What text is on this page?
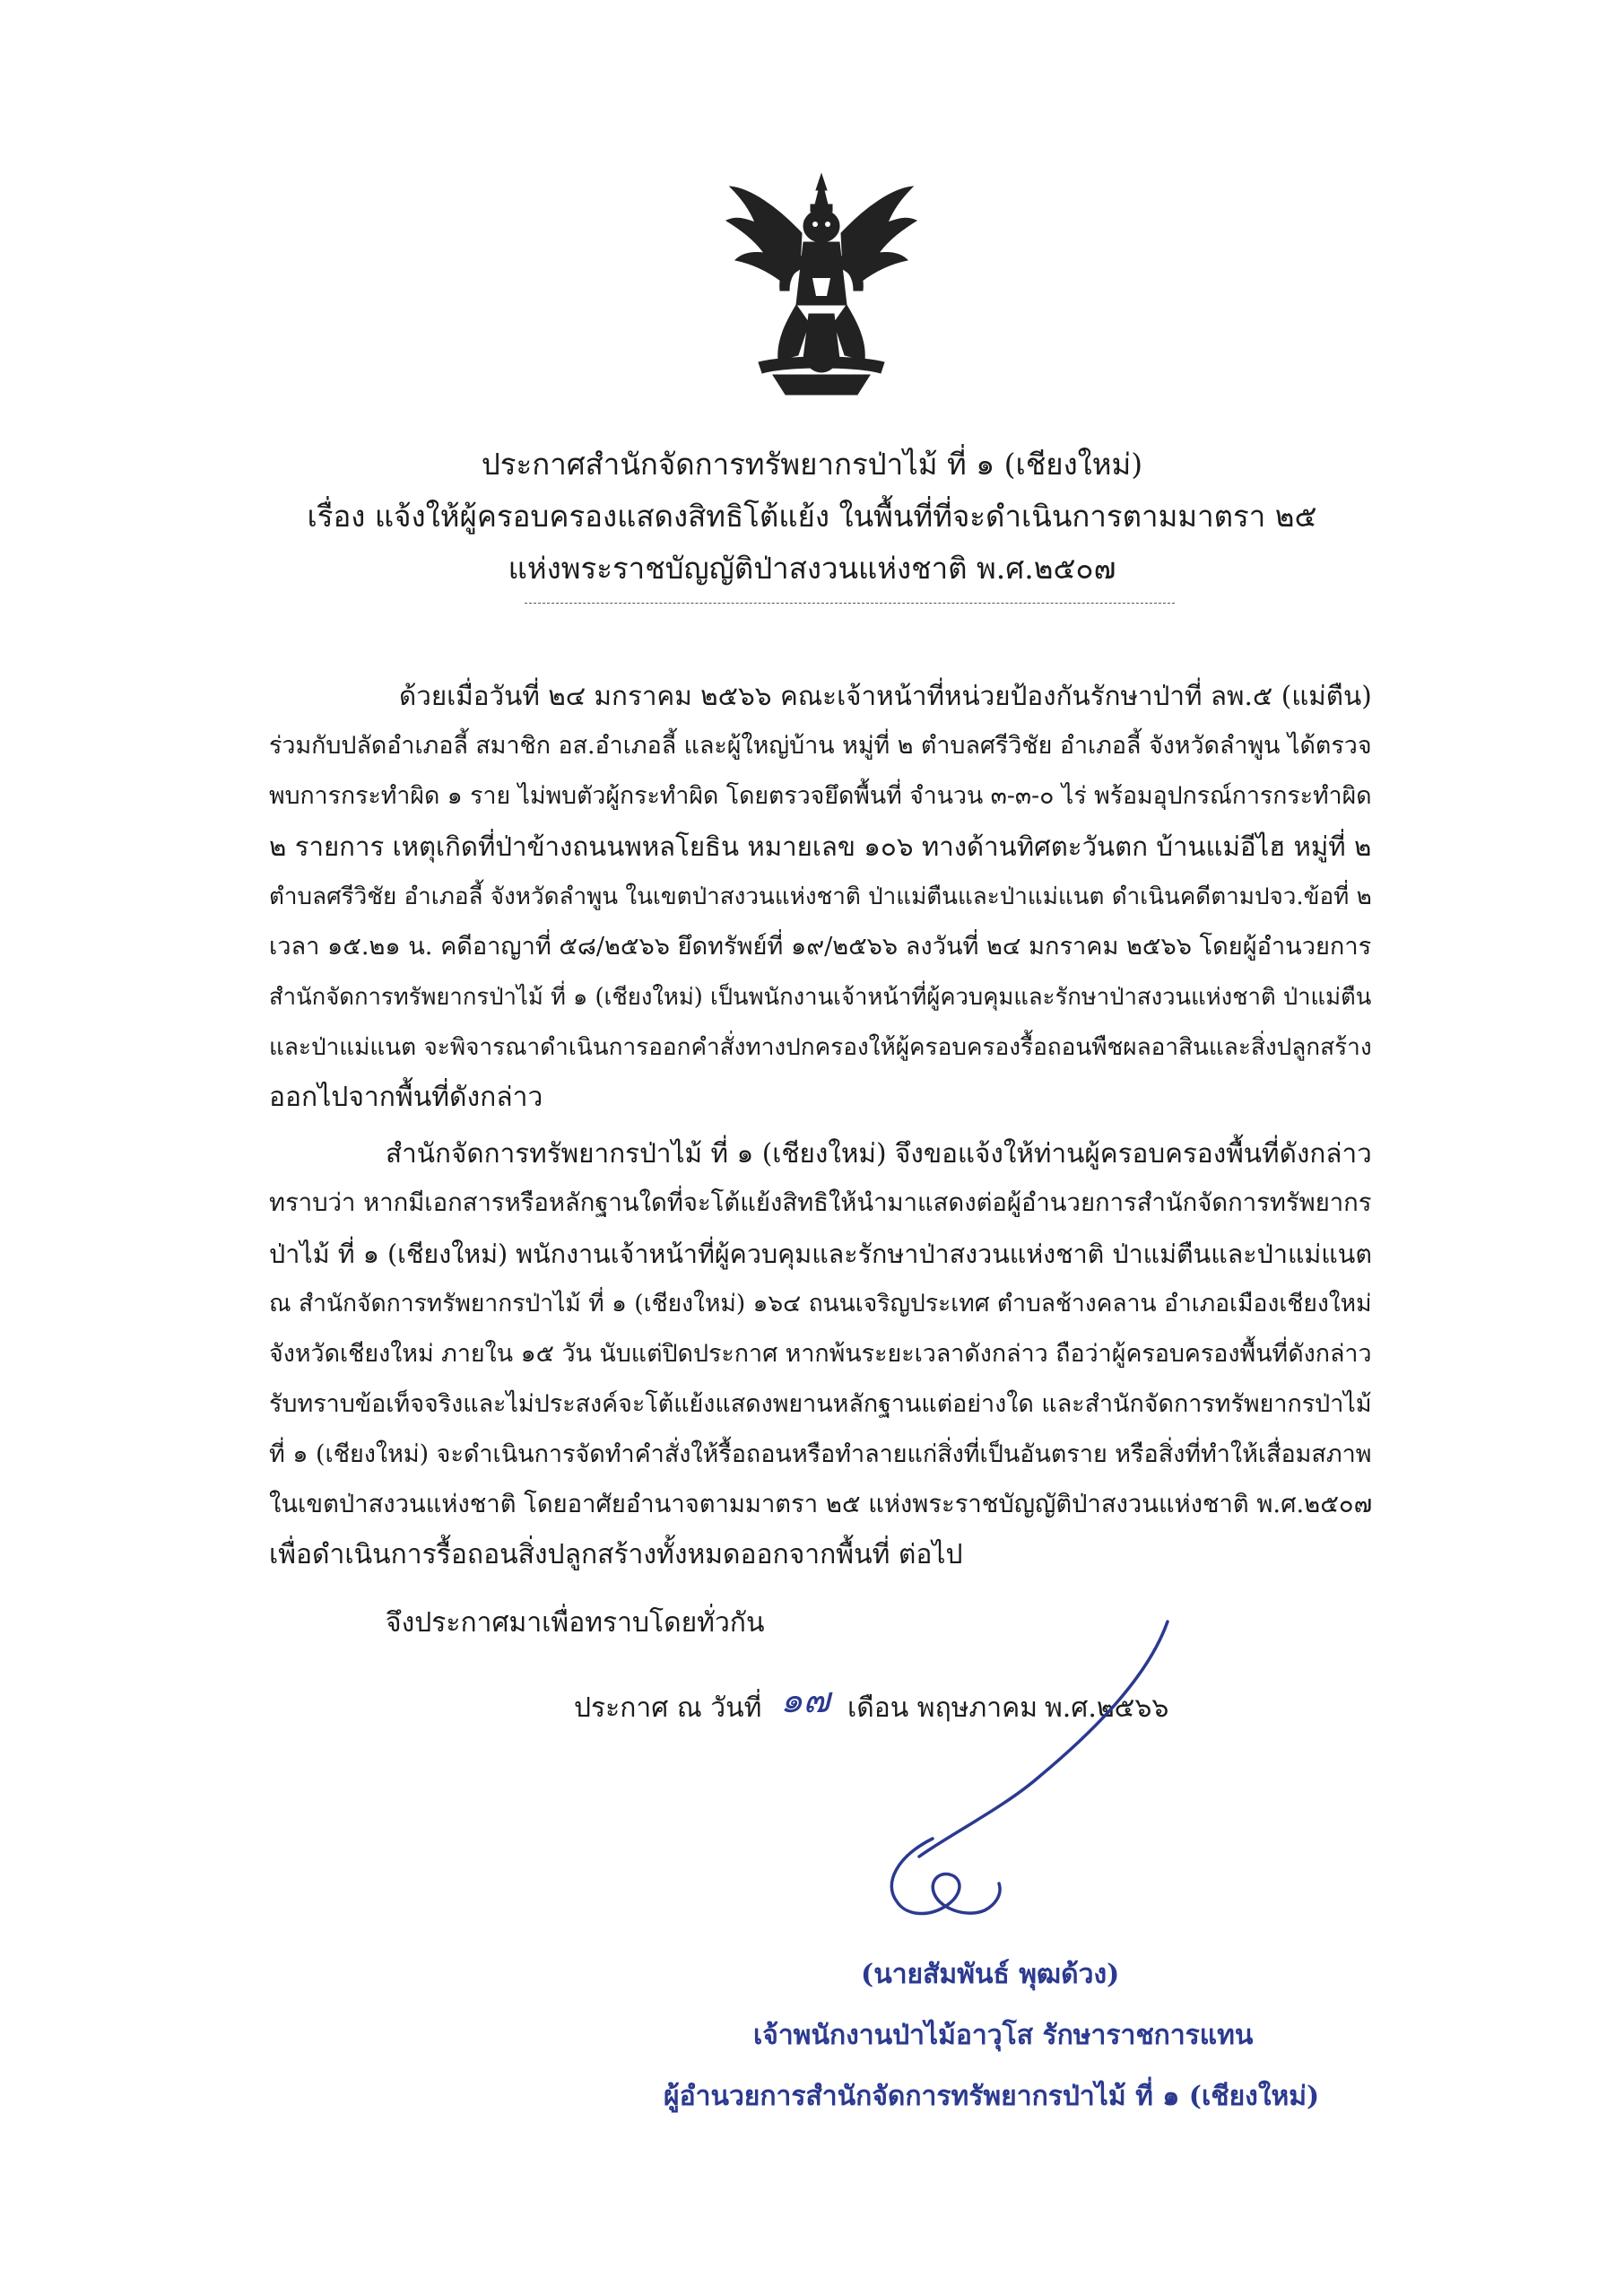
ประกาศสำนักจัดการทรัพยากรป่าไม้ ที่ ๑ (เชียงใหม่)
เรื่อง แจ้งให้ผู้ครอบครองแสดงสิทธิโต้แย้ง ในพื้นที่ที่จะดำเนินการตามมาตรา ๒๕
แห่งพระราชบัญญัติป่าสงวนแห่งชาติ พ.ศ.๒๕๐๗
ด้วยเมื่อวันที่ ๒๔ มกราคม ๒๕๖๖ คณะเจ้าหน้าที่หน่วยป้องกันรักษาป่าที่ ลพ.๕ (แม่ตืน)
ร่วมกับปลัดอำเภอลี้ สมาชิก อส.อำเภอลี้ และผู้ใหญ่บ้าน หมู่ที่ ๒ ตำบลศรีวิชัย อำเภอลี้ จังหวัดลำพูน ได้ตรวจ
พบการกระทำผิด ๑ ราย ไม่พบตัวผู้กระทำผิด โดยตรวจยึดพื้นที่ จำนวน ๓-๓-๐ ไร่ พร้อมอุปกรณ์การกระทำผิด
๒ รายการ เหตุเกิดที่ป่าข้างถนนพหลโยธิน หมายเลข ๑๐๖ ทางด้านทิศตะวันตก บ้านแม่อีไฮ หมู่ที่ ๒
ตำบลศรีวิชัย อำเภอลี้ จังหวัดลำพูน ในเขตป่าสงวนแห่งชาติ ป่าแม่ตืนและป่าแม่แนต ดำเนินคดีตามปจว.ข้อที่ ๒
เวลา ๑๕.๒๑ น. คดีอาญาที่ ๕๘/๒๕๖๖ ยึดทรัพย์ที่ ๑๙/๒๕๖๖ ลงวันที่ ๒๔ มกราคม ๒๕๖๖ โดยผู้อำนวยการ
สำนักจัดการทรัพยากรป่าไม้ ที่ ๑ (เชียงใหม่) เป็นพนักงานเจ้าหน้าที่ผู้ควบคุมและรักษาป่าสงวนแห่งชาติ ป่าแม่ตืน
และป่าแม่แนต จะพิจารณาดำเนินการออกคำสั่งทางปกครองให้ผู้ครอบครองรื้อถอนพืชผลอาสินและสิ่งปลูกสร้าง
ออกไปจากพื้นที่ดังกล่าว
สำนักจัดการทรัพยากรป่าไม้ ที่ ๑ (เชียงใหม่) จึงขอแจ้งให้ท่านผู้ครอบครองพื้นที่ดังกล่าว
ทราบว่า หากมีเอกสารหรือหลักฐานใดที่จะโต้แย้งสิทธิให้นำมาแสดงต่อผู้อำนวยการสำนักจัดการทรัพยากร
ป่าไม้ ที่ ๑ (เชียงใหม่) พนักงานเจ้าหน้าที่ผู้ควบคุมและรักษาป่าสงวนแห่งชาติ ป่าแม่ตืนและป่าแม่แนต
ณ สำนักจัดการทรัพยากรป่าไม้ ที่ ๑ (เชียงใหม่) ๑๖๔ ถนนเจริญประเทศ ตำบลช้างคลาน อำเภอเมืองเชียงใหม่
จังหวัดเชียงใหม่ ภายใน ๑๕ วัน นับแต่ปิดประกาศ หากพ้นระยะเวลาดังกล่าว ถือว่าผู้ครอบครองพื้นที่ดังกล่าว
รับทราบข้อเท็จจริงและไม่ประสงค์จะโต้แย้งแสดงพยานหลักฐานแต่อย่างใด และสำนักจัดการทรัพยากรป่าไม้
ที่ ๑ (เชียงใหม่) จะดำเนินการจัดทำคำสั่งให้รื้อถอนหรือทำลายแก่สิ่งที่เป็นอันตราย หรือสิ่งที่ทำให้เสื่อมสภาพ
ในเขตป่าสงวนแห่งชาติ โดยอาศัยอำนาจตามมาตรา ๒๕ แห่งพระราชบัญญัติป่าสงวนแห่งชาติ พ.ศ.๒๕๐๗
เพื่อดำเนินการรื้อถอนสิ่งปลูกสร้างทั้งหมดออกจากพื้นที่ ต่อไป
จึงประกาศมาเพื่อทราบโดยทั่วกัน
ประกาศ ณ วันที่ ๑๗ เดือน พฤษภาคม พ.ศ.๒๕๖๖
(นายสัมพันธ์ พุฒด้วง)
เจ้าพนักงานป่าไม้อาวุโส รักษาราชการแทน
ผู้อำนวยการสำนักจัดการทรัพยากรป่าไม้ ที่ ๑ (เชียงใหม่)
